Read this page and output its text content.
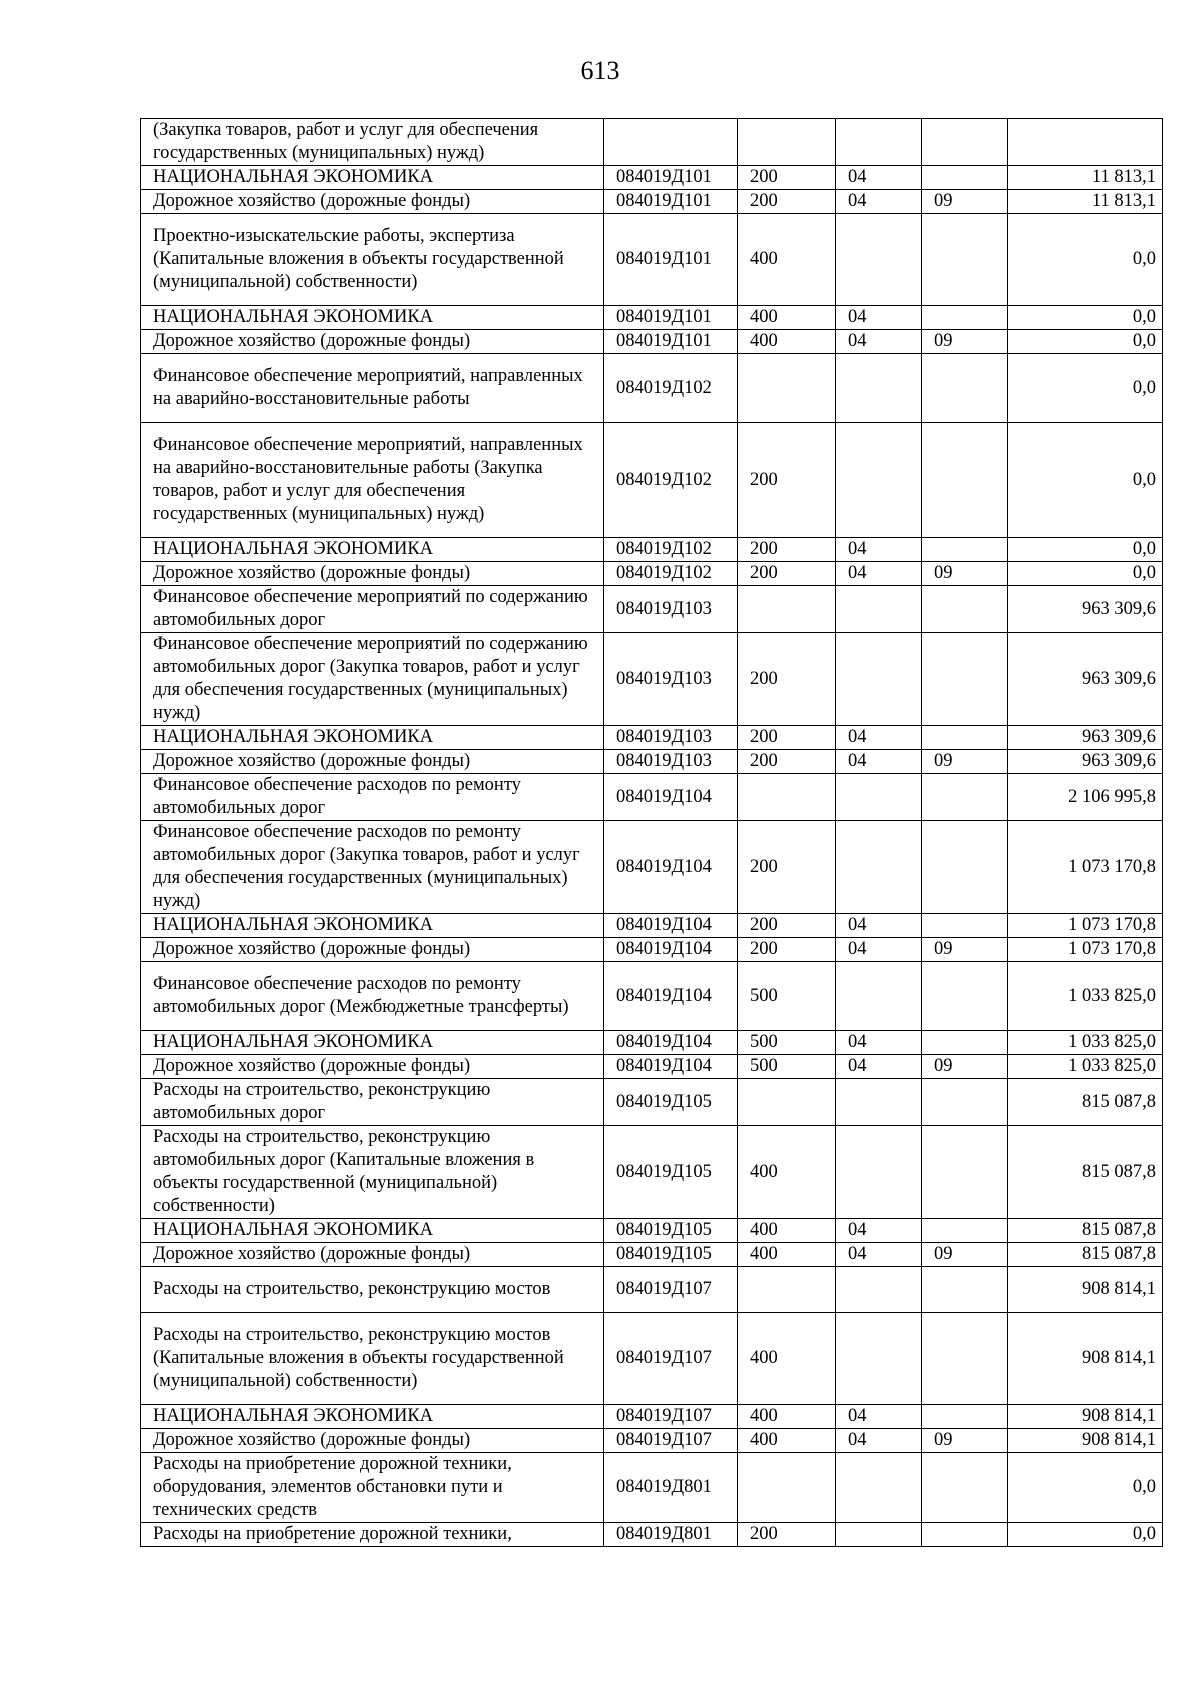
613
(Закупка товаров, работ и услуг для обеспечения государственных (муниципальных) нужд)					
НАЦИОНАЛЬНАЯ ЭКОНОМИКА	084019Д101	200	04		11 813,1
Дорожное хозяйство (дорожные фонды)	084019Д101	200	04	09	11 813,1
Проектно-изыскательские работы, экспертиза (Капитальные вложения в объекты государственной (муниципальной) собственности)	084019Д101	400			0,0
НАЦИОНАЛЬНАЯ ЭКОНОМИКА	084019Д101	400	04		0,0
Дорожное хозяйство (дорожные фонды)	084019Д101	400	04	09	0,0
Финансовое обеспечение мероприятий, направленных на аварийно-восстановительные работы	084019Д102				0,0
Финансовое обеспечение мероприятий, направленных на аварийно-восстановительные работы (Закупка товаров, работ и услуг для обеспечения государственных (муниципальных) нужд)	084019Д102	200			0,0
НАЦИОНАЛЬНАЯ ЭКОНОМИКА	084019Д102	200	04		0,0
Дорожное хозяйство (дорожные фонды)	084019Д102	200	04	09	0,0
Финансовое обеспечение мероприятий по содержанию автомобильных дорог	084019Д103				963 309,6
Финансовое обеспечение мероприятий по содержанию автомобильных дорог (Закупка товаров, работ и услуг для обеспечения государственных (муниципальных) нужд)	084019Д103	200			963 309,6
НАЦИОНАЛЬНАЯ ЭКОНОМИКА	084019Д103	200	04		963 309,6
Дорожное хозяйство (дорожные фонды)	084019Д103	200	04	09	963 309,6
Финансовое обеспечение расходов по ремонту автомобильных дорог	084019Д104				2 106 995,8
Финансовое обеспечение расходов по ремонту автомобильных дорог (Закупка товаров, работ и услуг для обеспечения государственных (муниципальных) нужд)	084019Д104	200			1 073 170,8
НАЦИОНАЛЬНАЯ ЭКОНОМИКА	084019Д104	200	04		1 073 170,8
Дорожное хозяйство (дорожные фонды)	084019Д104	200	04	09	1 073 170,8
Финансовое обеспечение расходов по ремонту автомобильных дорог (Межбюджетные трансферты)	084019Д104	500			1 033 825,0
НАЦИОНАЛЬНАЯ ЭКОНОМИКА	084019Д104	500	04		1 033 825,0
Дорожное хозяйство (дорожные фонды)	084019Д104	500	04	09	1 033 825,0
Расходы на строительство, реконструкцию автомобильных дорог	084019Д105				815 087,8
Расходы на строительство, реконструкцию автомобильных дорог (Капитальные вложения в объекты государственной (муниципальной) собственности)	084019Д105	400			815 087,8
НАЦИОНАЛЬНАЯ ЭКОНОМИКА	084019Д105	400	04		815 087,8
Дорожное хозяйство (дорожные фонды)	084019Д105	400	04	09	815 087,8
Расходы на строительство, реконструкцию мостов	084019Д107				908 814,1
Расходы на строительство, реконструкцию мостов (Капитальные вложения в объекты государственной (муниципальной) собственности)	084019Д107	400			908 814,1
НАЦИОНАЛЬНАЯ ЭКОНОМИКА	084019Д107	400	04		908 814,1
Дорожное хозяйство (дорожные фонды)	084019Д107	400	04	09	908 814,1
Расходы на приобретение дорожной техники, оборудования, элементов обстановки пути и технических средств	084019Д801				0,0
Расходы на приобретение дорожной техники,	084019Д801	200			0,0
